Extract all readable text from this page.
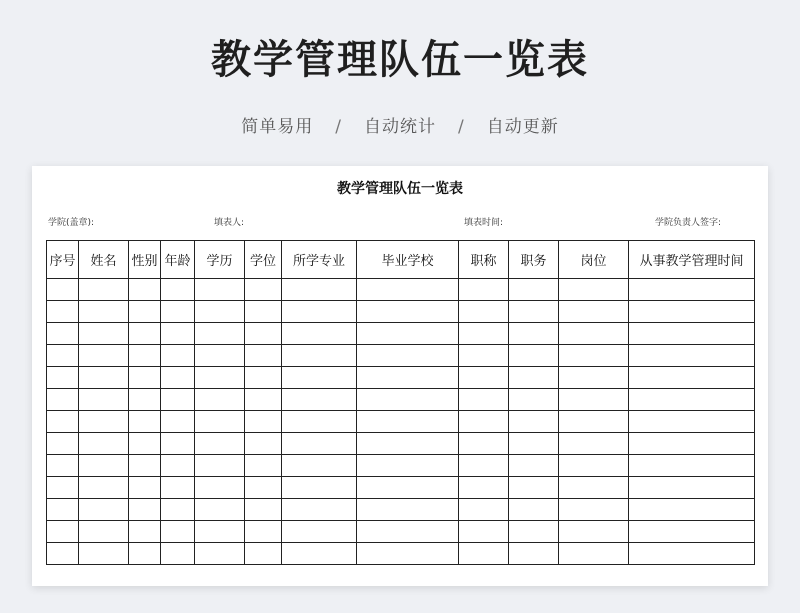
教学管理队伍一览表
简单易用 / 自动统计 / 自动更新
教学管理队伍一览表
学院(盖章):	填表人:	填表时间:	学院负责人签字:
序号	姓名	性别	年龄	学历	学位	所学专业	毕业学校	职称	职务	岗位	从事教学管理时间
